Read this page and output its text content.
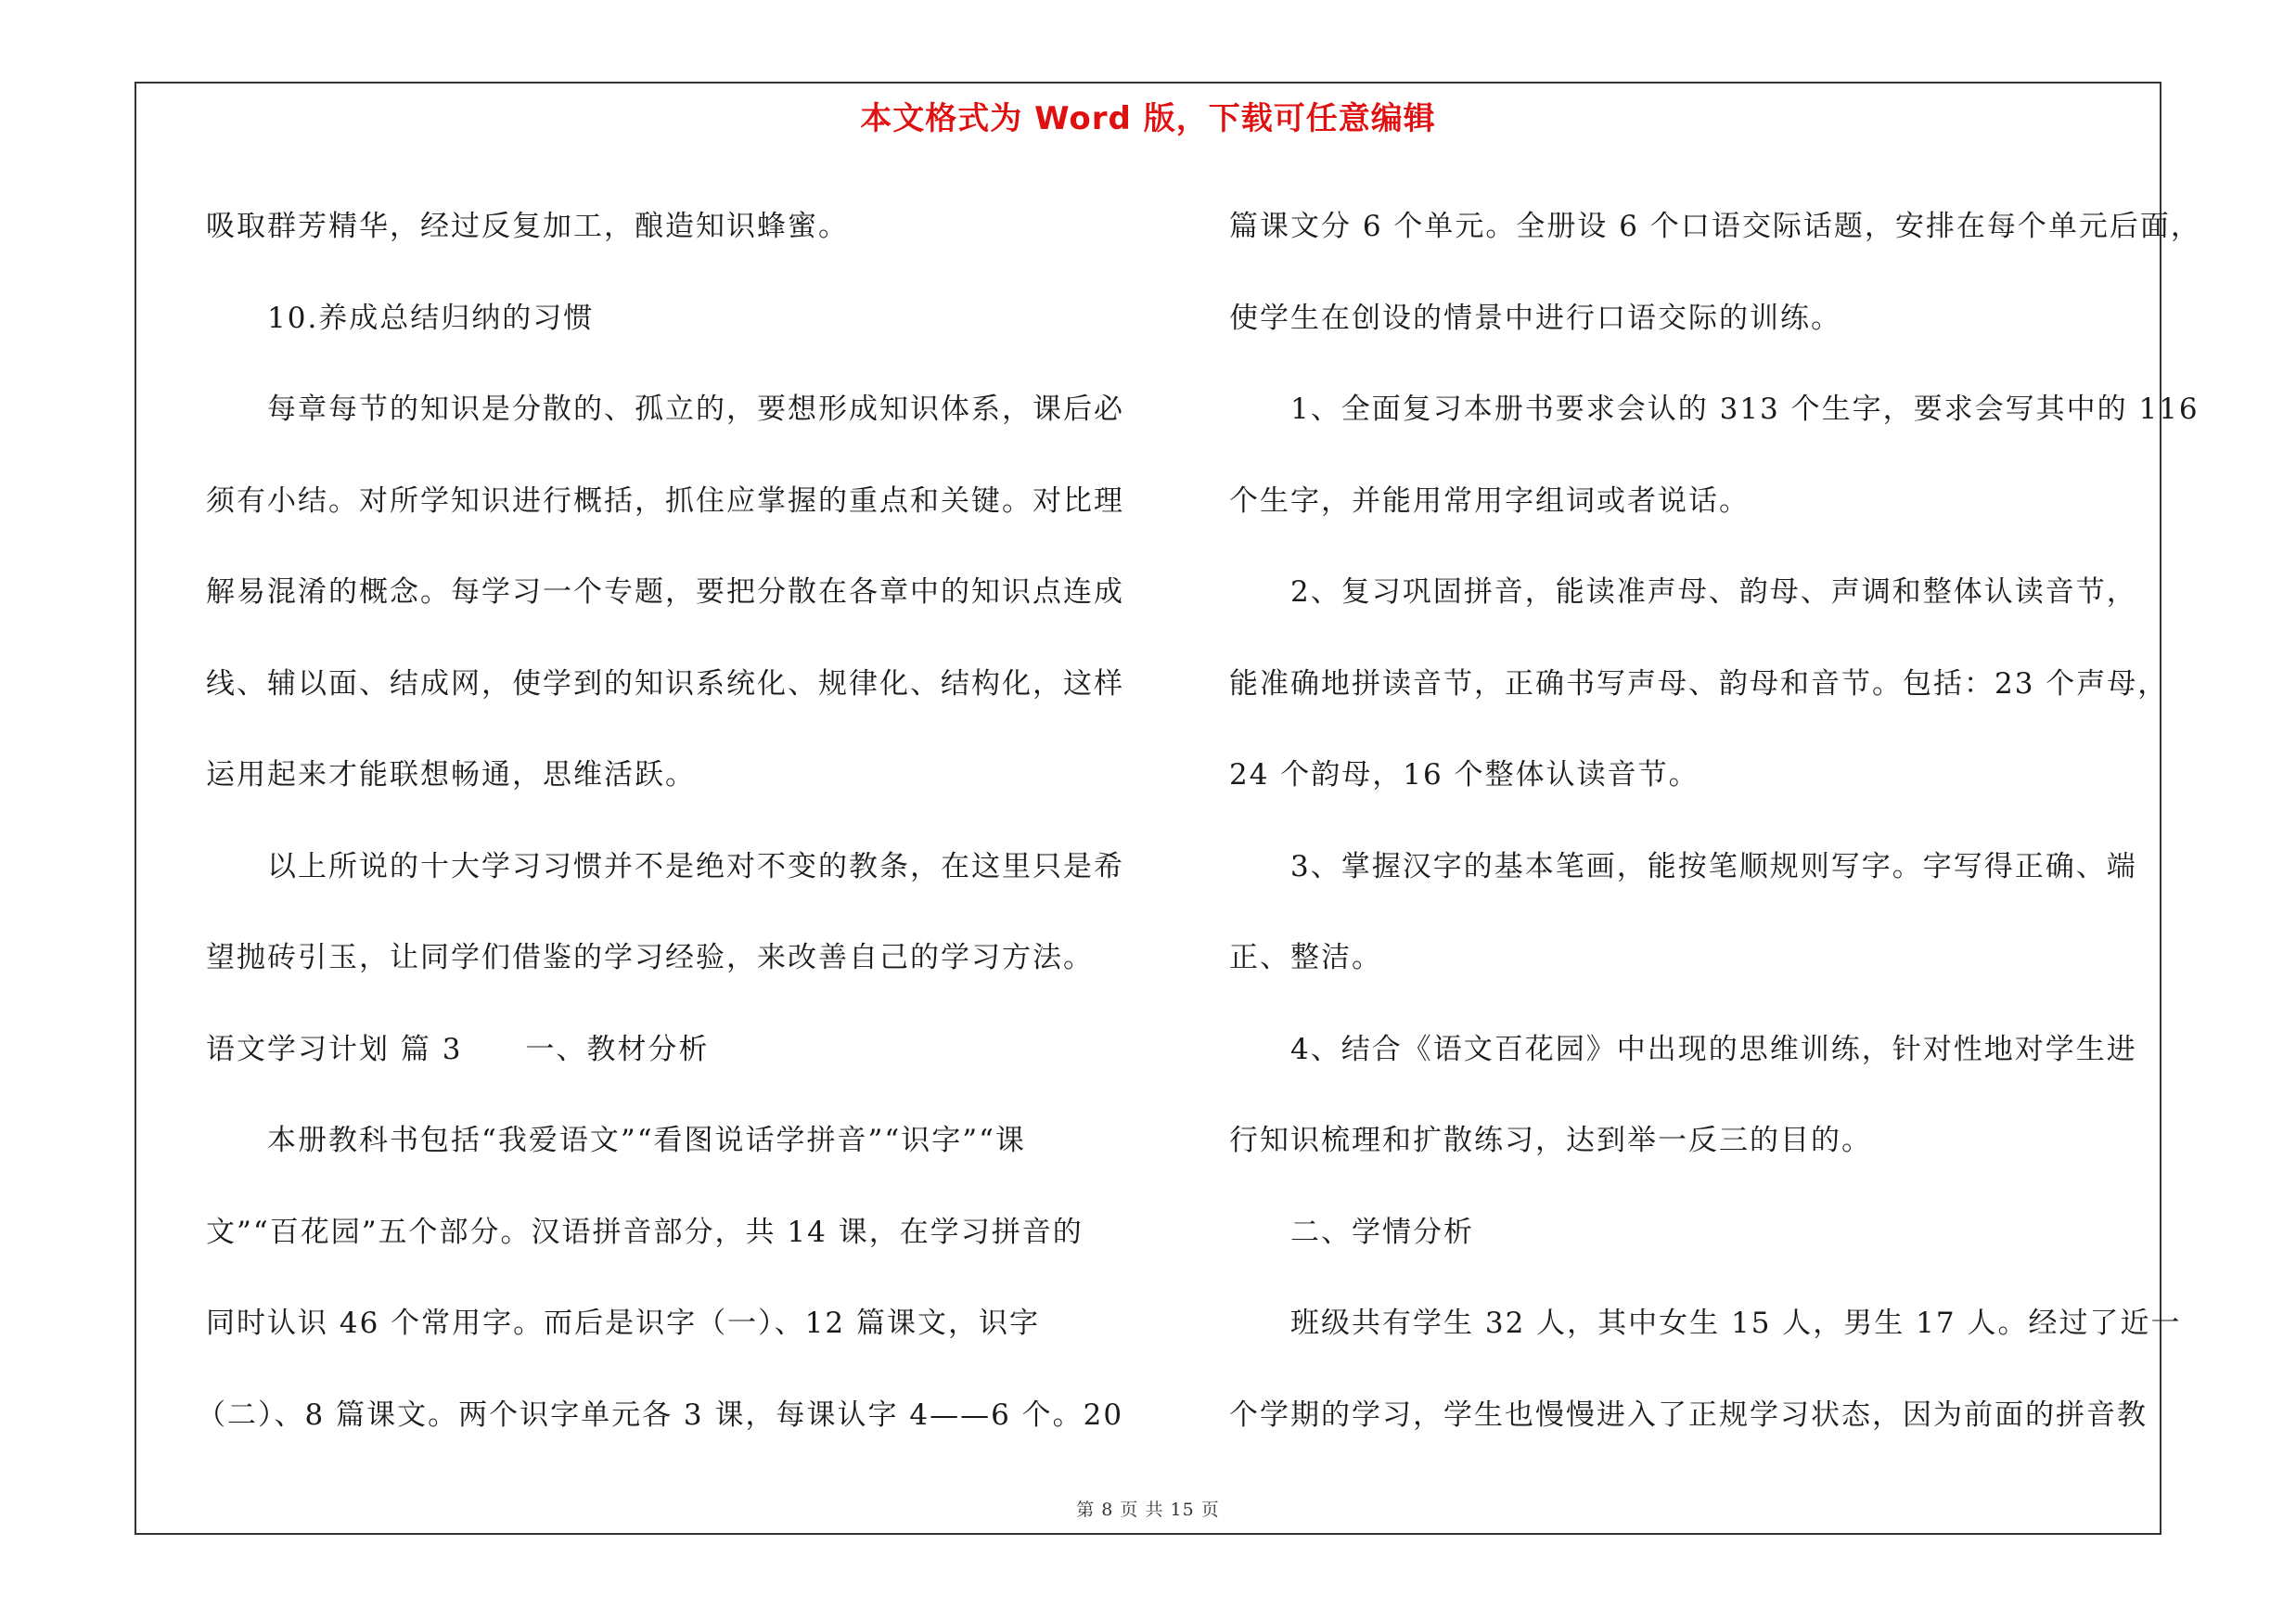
本文格式为 Word 版，下载可任意编辑
吸取群芳精华，经过反复加工，酿造知识蜂蜜。
10.养成总结归纳的习惯
每章每节的知识是分散的、孤立的，要想形成知识体系，课后必
须有小结。对所学知识进行概括，抓住应掌握的重点和关键。对比理
解易混淆的概念。每学习一个专题，要把分散在各章中的知识点连成
线、辅以面、结成网，使学到的知识系统化、规律化、结构化，这样
运用起来才能联想畅通，思维活跃。
以上所说的十大学习习惯并不是绝对不变的教条，在这里只是希
望抛砖引玉，让同学们借鉴的学习经验，来改善自己的学习方法。
语文学习计划 篇 3 一、教材分析
本册教科书包括“我爱语文”“看图说话学拼音”“识字”“课
文”“百花园”五个部分。汉语拼音部分，共 14 课，在学习拼音的
同时认识 46 个常用字。而后是识字（一）、12 篇课文，识字
（二）、8 篇课文。两个识字单元各 3 课，每课认字 4——6 个。20
篇课文分 6 个单元。全册设 6 个口语交际话题，安排在每个单元后面，
使学生在创设的情景中进行口语交际的训练。
1、全面复习本册书要求会认的 313 个生字，要求会写其中的 116
个生字，并能用常用字组词或者说话。
2、复习巩固拼音，能读准声母、韵母、声调和整体认读音节，
能准确地拼读音节，正确书写声母、韵母和音节。包括：23 个声母，
24 个韵母，16 个整体认读音节。
3、掌握汉字的基本笔画，能按笔顺规则写字。字写得正确、端
正、整洁。
4、结合《语文百花园》中出现的思维训练，针对性地对学生进
行知识梳理和扩散练习，达到举一反三的目的。
二、学情分析
班级共有学生 32 人，其中女生 15 人，男生 17 人。经过了近一
个学期的学习，学生也慢慢进入了正规学习状态，因为前面的拼音教
第 8 页 共 15 页
